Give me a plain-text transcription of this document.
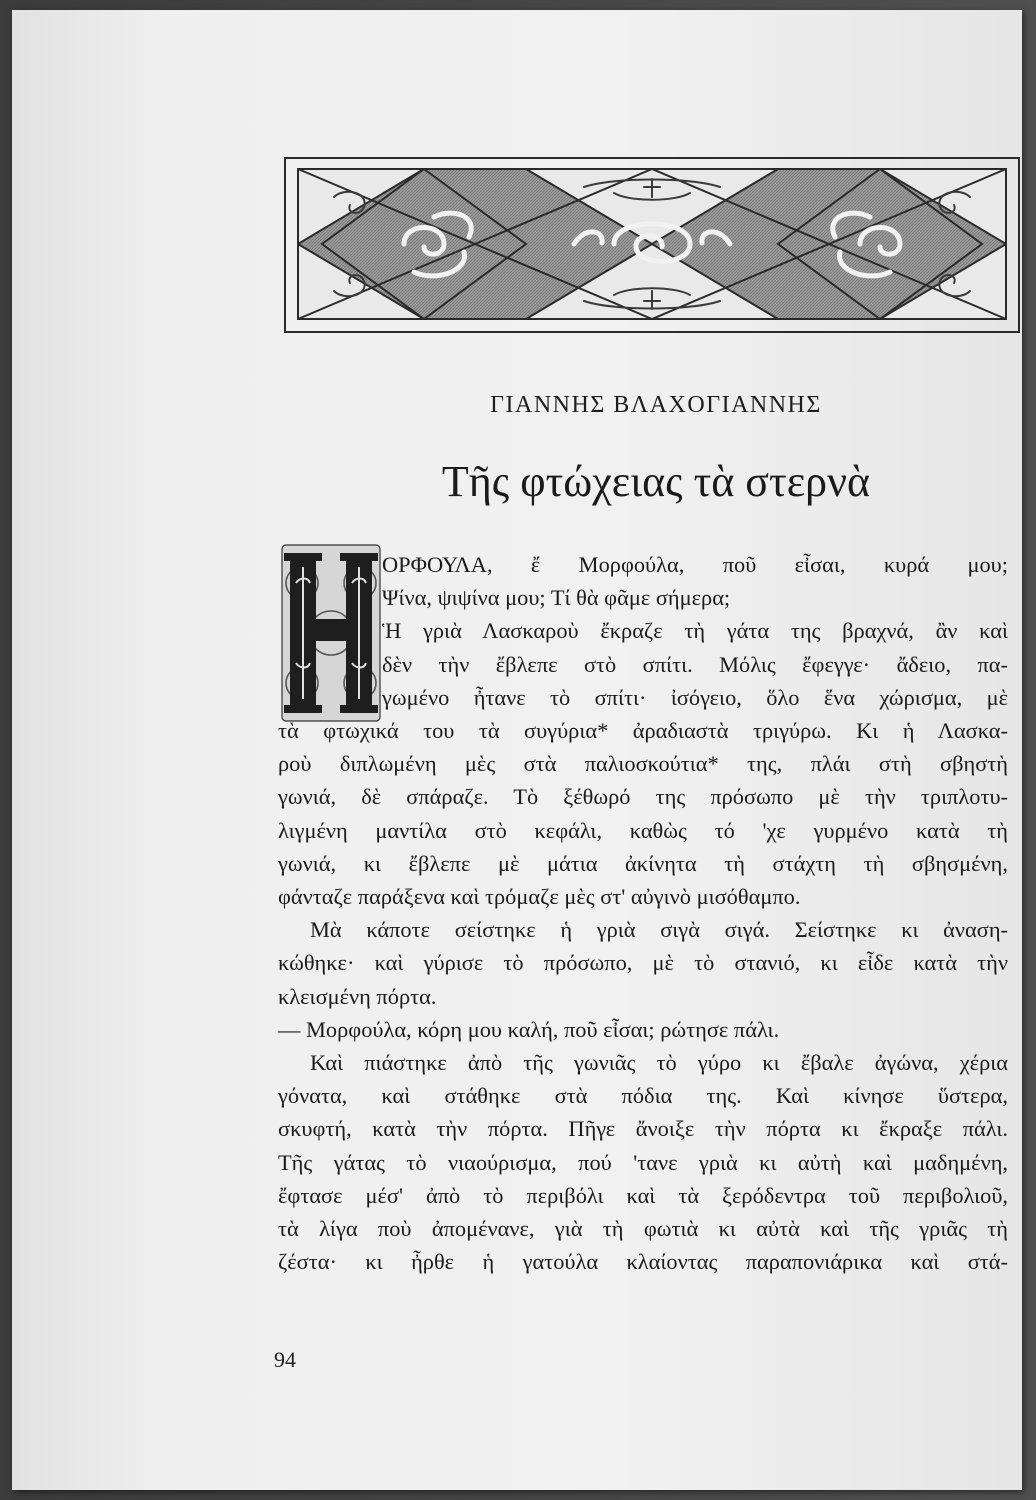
ΓΙΑΝΝΗΣ ΒΛΑΧΟΓΙΑΝΝΗΣ
Τῆς φτώχειας τὰ στερνὰ
ΟΡΦΟΥΛΑ, ἔ Μορφούλα, ποῦ εἶσαι, κυρά μου;
Ψίνα, ψιψίνα μου; Τί θὰ φᾶμε σήμερα;
Ἡ γριὰ Λασκαροὺ ἔκραζε τὴ γάτα της βραχνά, ἂν καὶ
δὲν τὴν ἔβλεπε στὸ σπίτι. Μόλις ἔφεγγε· ἄδειο, πα-
γωμένο ἦτανε τὸ σπίτι· ἰσόγειο, ὅλο ἕνα χώρισμα, μὲ
τὰ φτωχικά του τὰ συγύρια* ἀραδιαστὰ τριγύρω. Κι ἡ Λασκα-
ροὺ διπλωμένη μὲς στὰ παλιοσκούτια* της, πλάι στὴ σβηστὴ
γωνιά, δὲ σπάραζε. Τὸ ξέθωρό της πρόσωπο μὲ τὴν τριπλοτυ-
λιγμένη μαντίλα στὸ κεφάλι, καθὼς τό 'χε γυρμένο κατὰ τὴ
γωνιά, κι ἔβλεπε μὲ μάτια ἀκίνητα τὴ στάχτη τὴ σβησμένη,
φάνταζε παράξενα καὶ τρόμαζε μὲς στ' αὐγινὸ μισόθαμπο.
Μὰ κάποτε σείστηκε ἡ γριὰ σιγὰ σιγά. Σείστηκε κι ἀναση-
κώθηκε· καὶ γύρισε τὸ πρόσωπο, μὲ τὸ στανιό, κι εἶδε κατὰ τὴν
κλεισμένη πόρτα.
— Μορφούλα, κόρη μου καλή, ποῦ εἶσαι; ρώτησε πάλι.
Καὶ πιάστηκε ἀπὸ τῆς γωνιᾶς τὸ γύρο κι ἔβαλε ἀγώνα, χέρια
γόνατα, καὶ στάθηκε στὰ πόδια της. Καὶ κίνησε ὕστερα,
σκυφτή, κατὰ τὴν πόρτα. Πῆγε ἄνοιξε τὴν πόρτα κι ἔκραξε πάλι.
Τῆς γάτας τὸ νιαούρισμα, πού 'τανε γριὰ κι αὐτὴ καὶ μαδημένη,
ἔφτασε μέσ' ἀπὸ τὸ περιβόλι καὶ τὰ ξερόδεντρα τοῦ περιβολιοῦ,
τὰ λίγα ποὺ ἀπομένανε, γιὰ τὴ φωτιὰ κι αὐτὰ καὶ τῆς γριᾶς τὴ
ζέστα· κι ἦρθε ἡ γατούλα κλαίοντας παραπονιάρικα καὶ στά-
94
